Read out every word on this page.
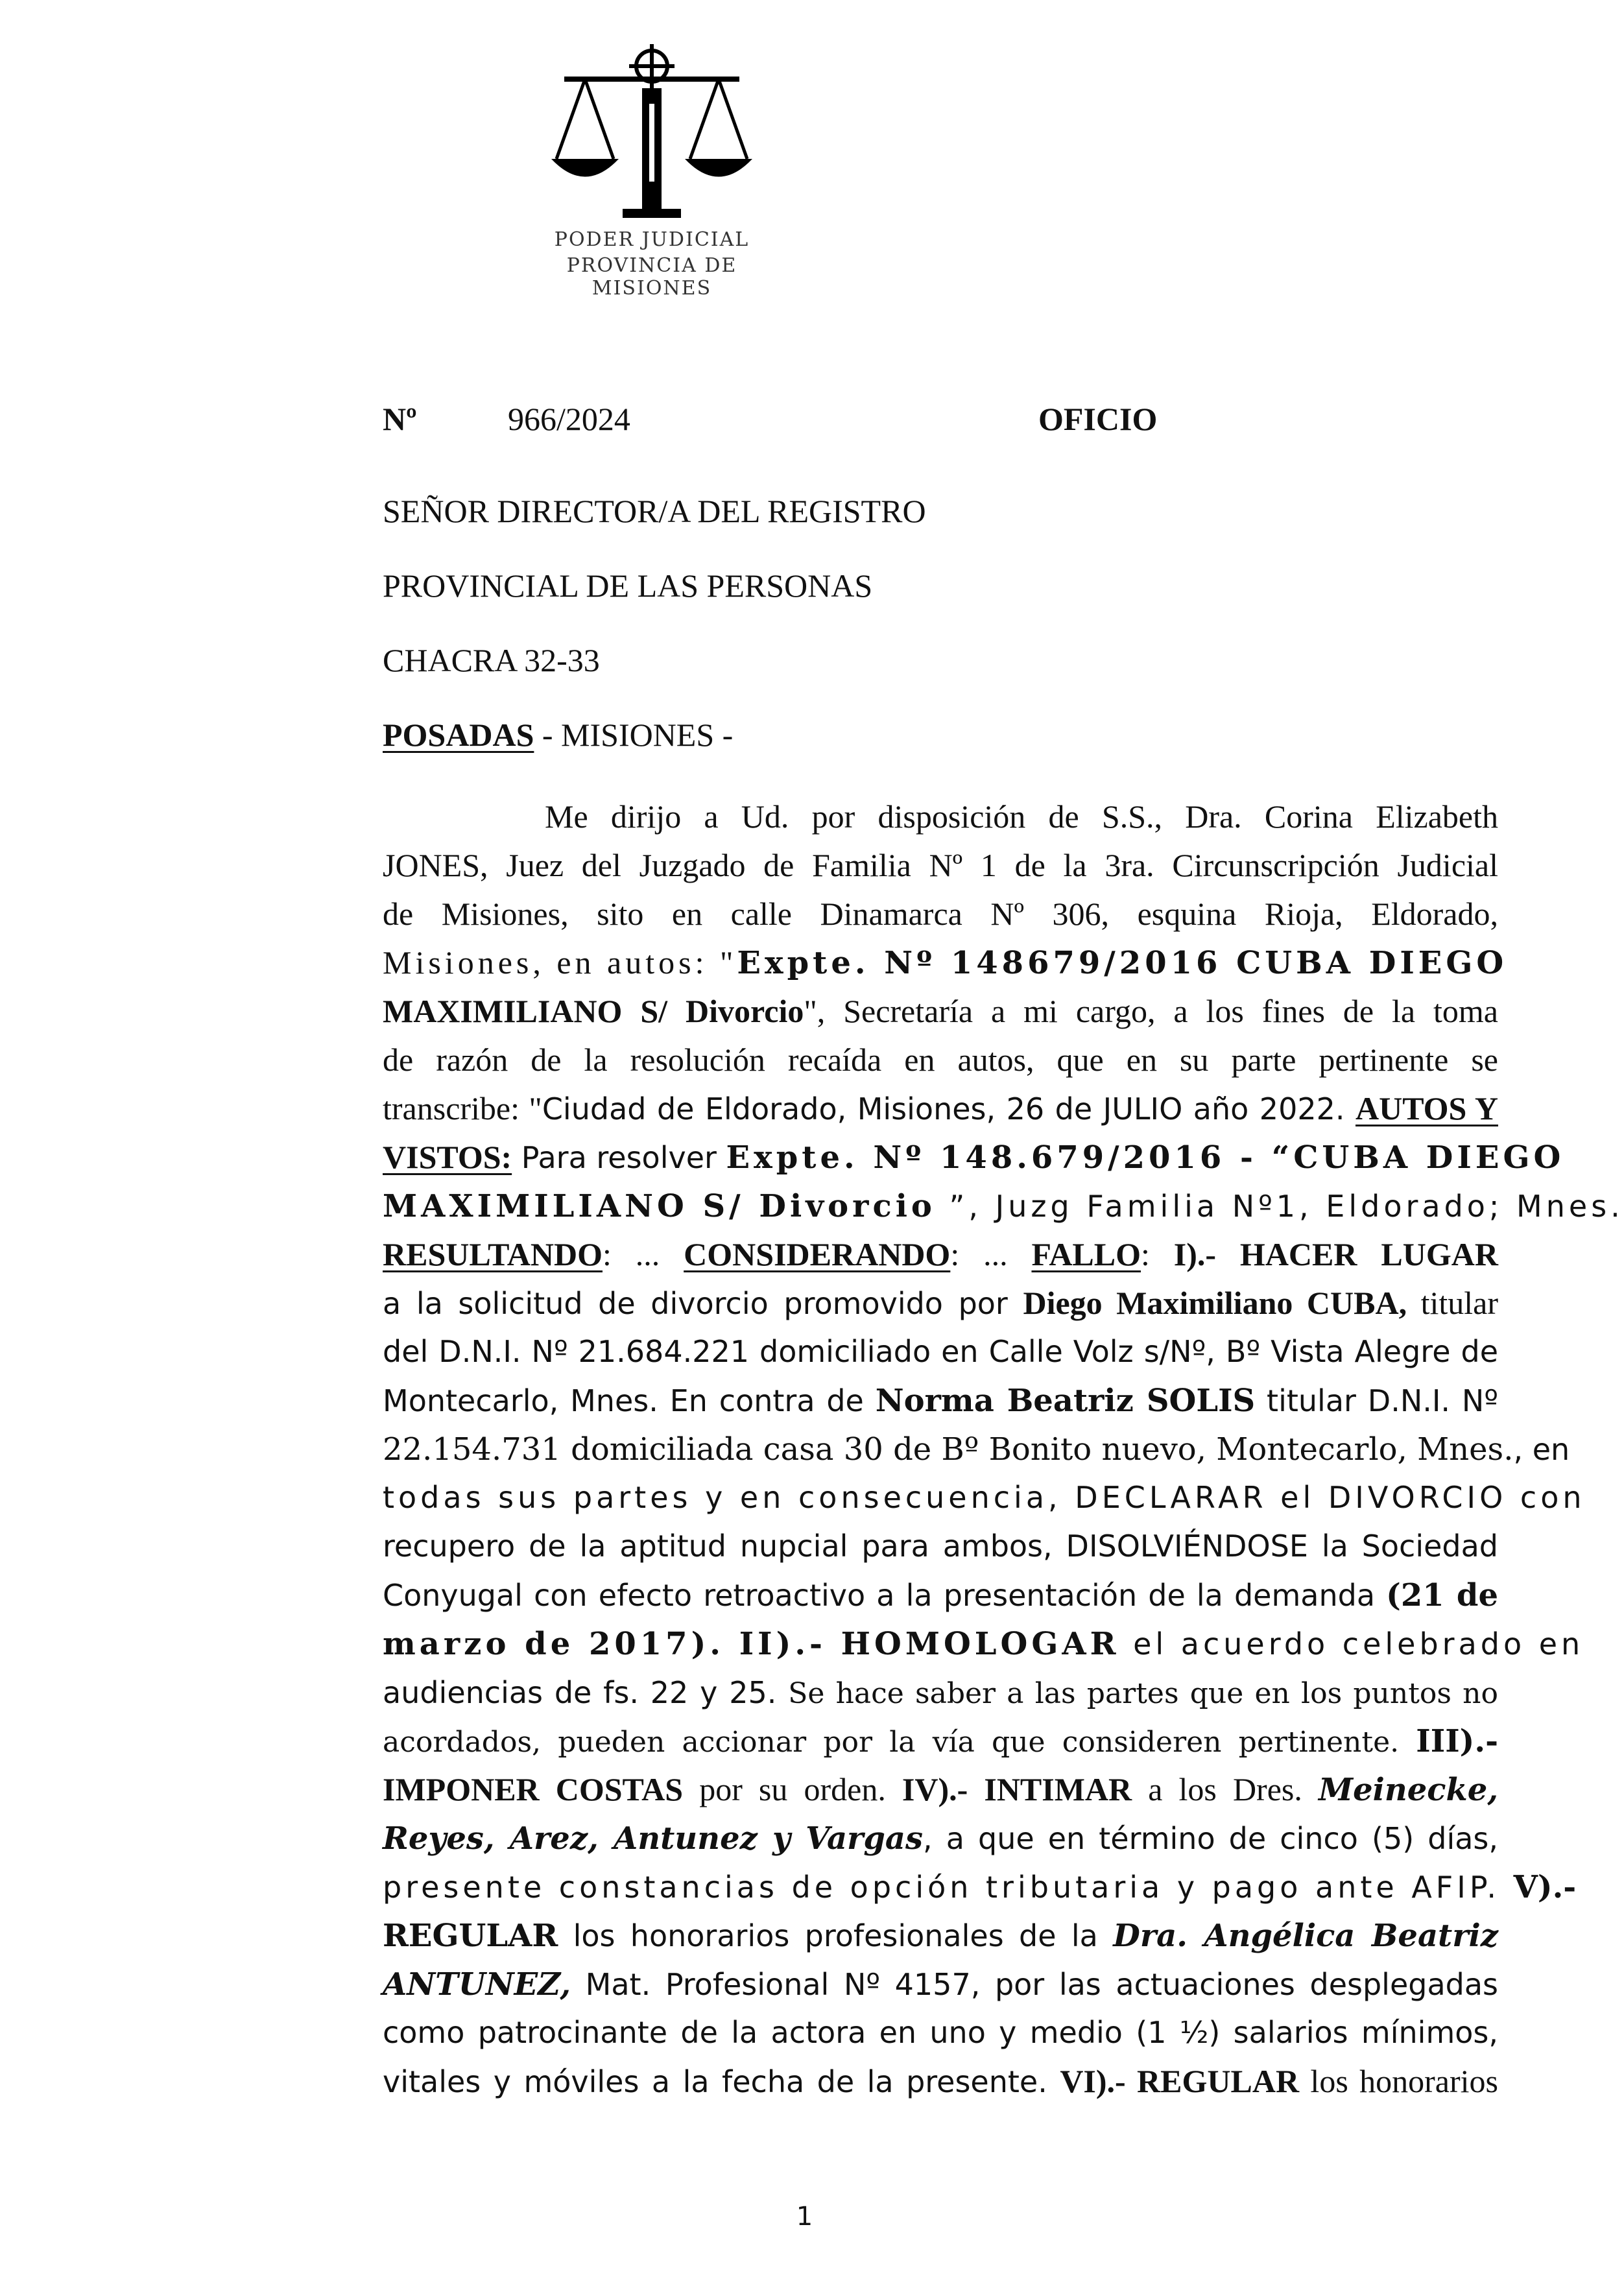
PODER JUDICIAL
PROVINCIA DE MISIONES
Nº	966/2024	OFICIO
SEÑOR DIRECTOR/A DEL REGISTRO
PROVINCIAL DE LAS PERSONAS
CHACRA 32-33
POSADAS - MISIONES -
Me dirijo a Ud. por disposición de S.S., Dra. Corina Elizabeth
JONES, Juez del Juzgado de Familia Nº 1 de la 3ra. Circunscripción Judicial
de Misiones, sito en calle Dinamarca Nº 306, esquina Rioja, Eldorado,
Misiones, en autos: "Expte. Nº 148679/2016 CUBA DIEGO
MAXIMILIANO S/ Divorcio", Secretaría a mi cargo, a los fines de la toma
de razón de la resolución recaída en autos, que en su parte pertinente se
transcribe: "Ciudad de Eldorado, Misiones, 26 de JULIO año 2022. AUTOS Y
VISTOS: Para resolver Expte. Nº 148.679/2016 - “CUBA DIEGO
MAXIMILIANO S/ Divorcio ”, Juzg Familia Nº1, Eldorado; Mnes.
RESULTANDO: ... CONSIDERANDO: ... FALLO: I).- HACER LUGAR
a la solicitud de divorcio promovido por Diego Maximiliano CUBA, titular
del D.N.I. Nº 21.684.221 domiciliado en Calle Volz s/Nº, Bº Vista Alegre de
Montecarlo, Mnes. En contra de Norma Beatriz SOLIS titular D.N.I. Nº
22.154.731 domiciliada casa 30 de Bº Bonito nuevo, Montecarlo, Mnes., en
todas sus partes y en consecuencia, DECLARAR el DIVORCIO con
recupero de la aptitud nupcial para ambos, DISOLVIÉNDOSE la Sociedad
Conyugal con efecto retroactivo a la presentación de la demanda (21 de
marzo de 2017). II).- HOMOLOGAR el acuerdo celebrado en
audiencias de fs. 22 y 25. Se hace saber a las partes que en los puntos no
acordados, pueden accionar por la vía que consideren pertinente. III).-
IMPONER COSTAS por su orden. IV).- INTIMAR a los Dres. Meinecke,
Reyes, Arez, Antunez y Vargas, a que en término de cinco (5) días,
presente constancias de opción tributaria y pago ante AFIP. V).-
REGULAR los honorarios profesionales de la Dra. Angélica Beatriz
ANTUNEZ, Mat. Profesional Nº 4157, por las actuaciones desplegadas
como patrocinante de la actora en uno y medio (1 ½) salarios mínimos,
vitales y móviles a la fecha de la presente. VI).- REGULAR los honorarios
1
